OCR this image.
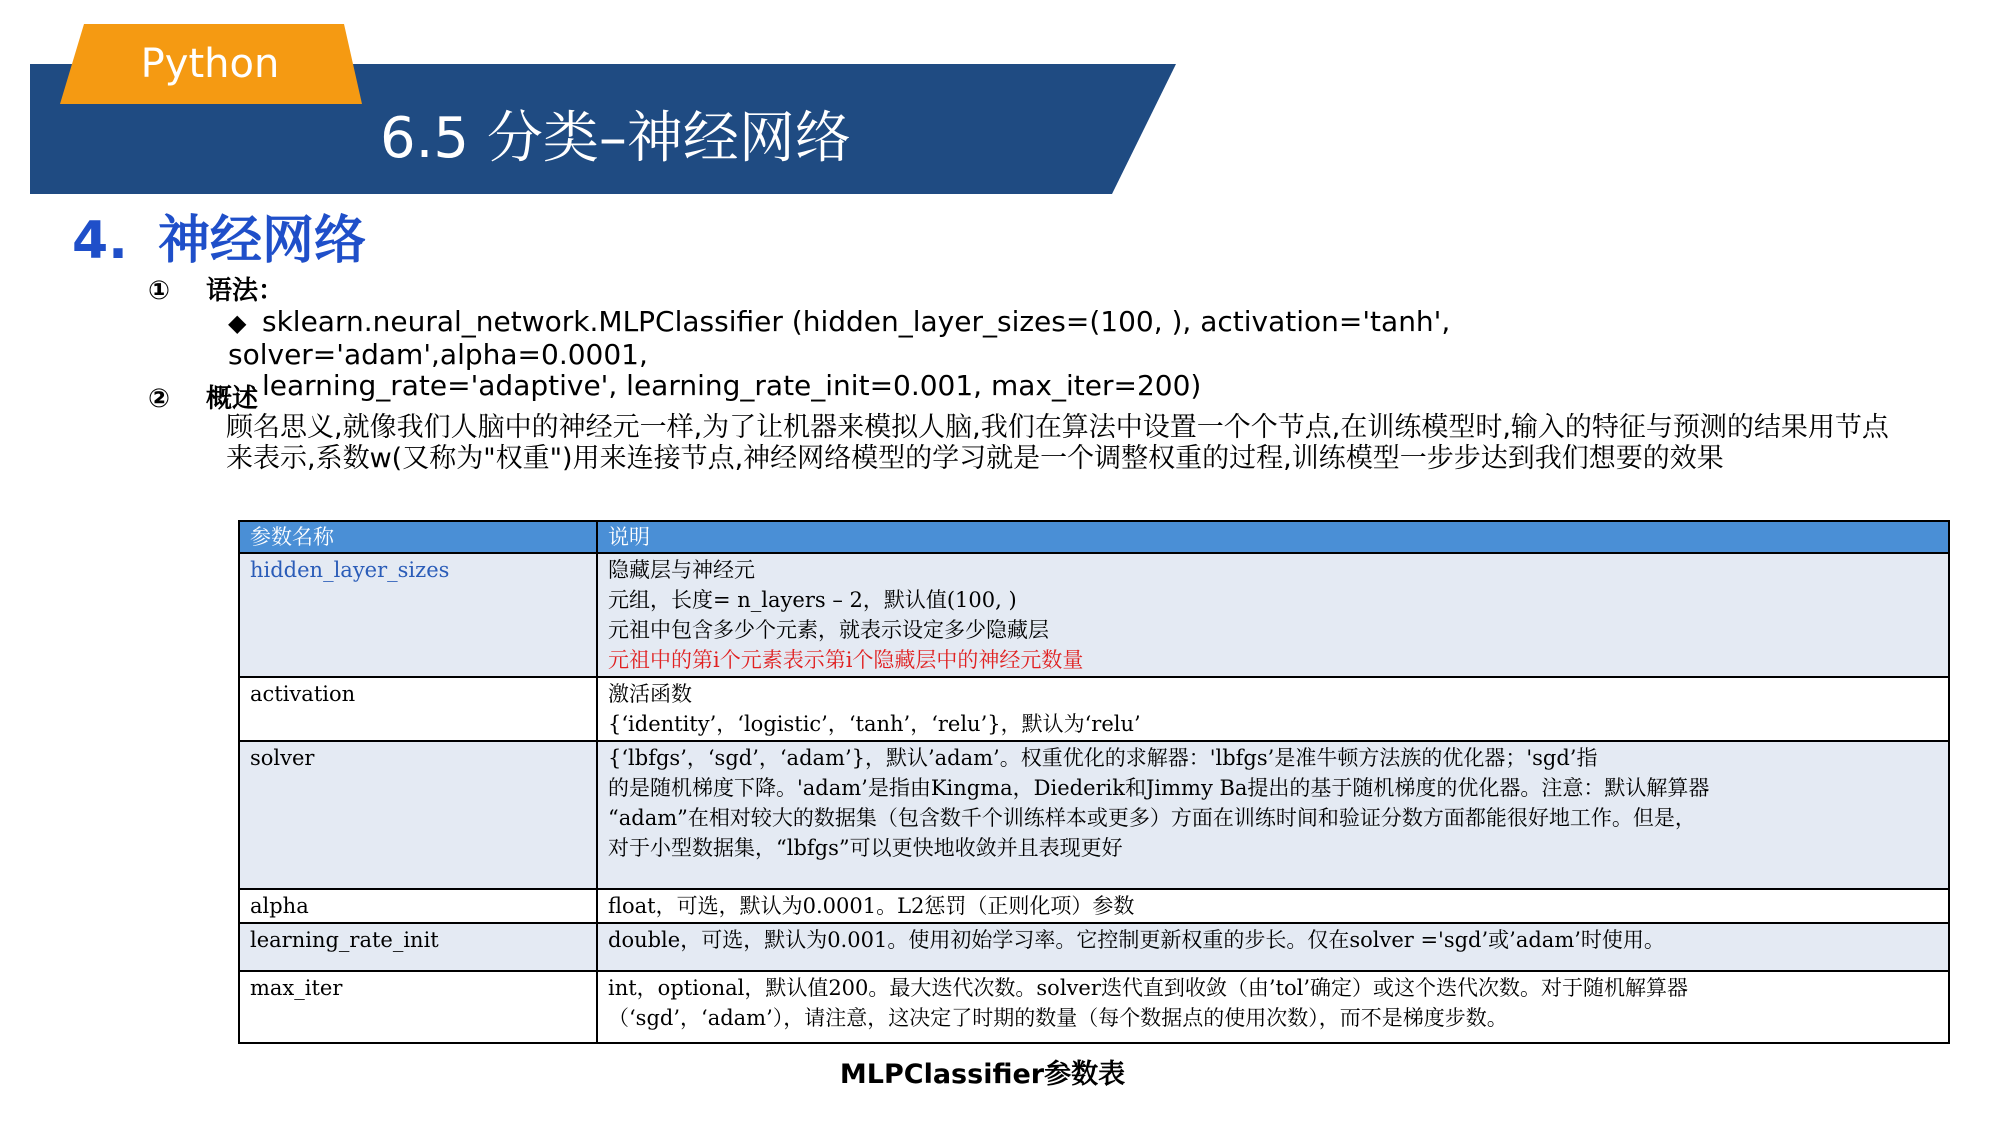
Python
6.5 分类–神经网络
4. 神经网络
① 语法：
◆ sklearn.neural_network.MLPClassifier (hidden_layer_sizes=(100, ), activation='tanh', solver='adam',alpha=0.0001,
learning_rate='adaptive', learning_rate_init=0.001, max_iter=200)
② 概述
顾名思义,就像我们人脑中的神经元一样,为了让机器来模拟人脑,我们在算法中设置一个个节点,在训练模型时,输入的特征与预测的结果用节点
来表示,系数w(又称为"权重")用来连接节点,神经网络模型的学习就是一个调整权重的过程,训练模型一步步达到我们想要的效果
参数名称	说明
hidden_layer_sizes	隐藏层与神经元
元组，长度= n_layers – 2，默认值(100, )
元祖中包含多少个元素，就表示设定多少隐藏层
元祖中的第i个元素表示第i个隐藏层中的神经元数量

activation	激活函数
{‘identity’，‘logistic’，‘tanh’，‘relu’}，默认为‘relu’

solver	{‘lbfgs’，‘sgd’，‘adam’}，默认’adam’。权重优化的求解器：'lbfgs’是准牛顿方法族的优化器；'sgd’指
的是随机梯度下降。'adam’是指由Kingma，Diederik和Jimmy Ba提出的基于随机梯度的优化器。注意：默认解算器
“adam”在相对较大的数据集（包含数千个训练样本或更多）方面在训练时间和验证分数方面都能很好地工作。但是，
对于小型数据集，“lbfgs”可以更快地收敛并且表现更好

alpha	float，可选，默认为0.0001。L2惩罚（正则化项）参数

learning_rate_init	double，可选，默认为0.001。使用初始学习率。它控制更新权重的步长。仅在solver ='sgd’或’adam’时使用。

max_iter	int，optional，默认值200。最大迭代次数。solver迭代直到收敛（由’tol’确定）或这个迭代次数。对于随机解算器
（‘sgd’，‘adam’），请注意，这决定了时期的数量（每个数据点的使用次数），而不是梯度步数。
MLPClassifier参数表
